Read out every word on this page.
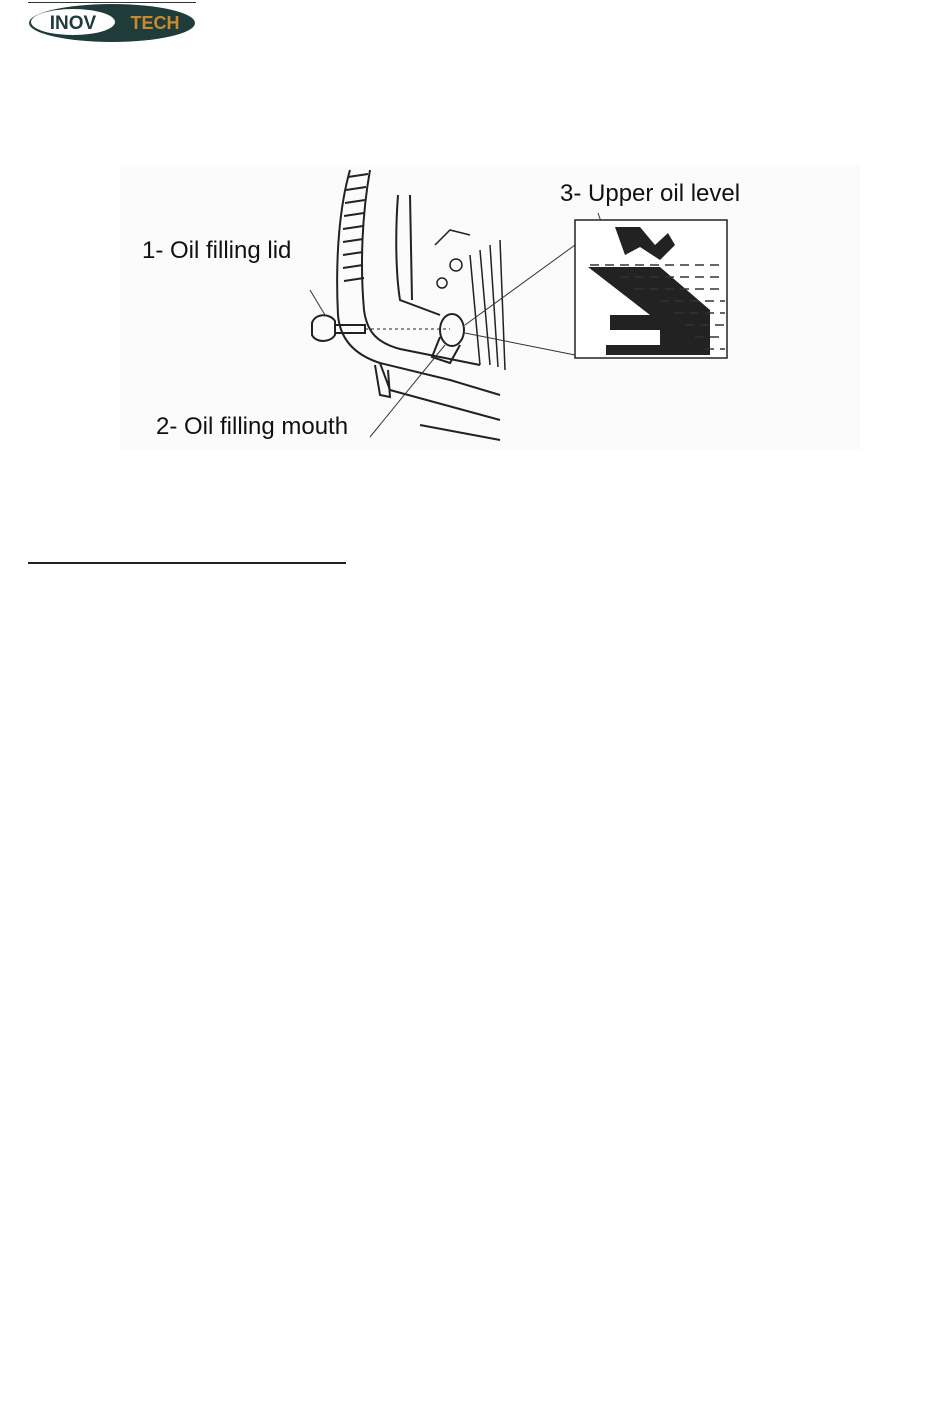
INOV TECH
1- Oil filling lid
2- Oil filling mouth
3- Upper oil level
